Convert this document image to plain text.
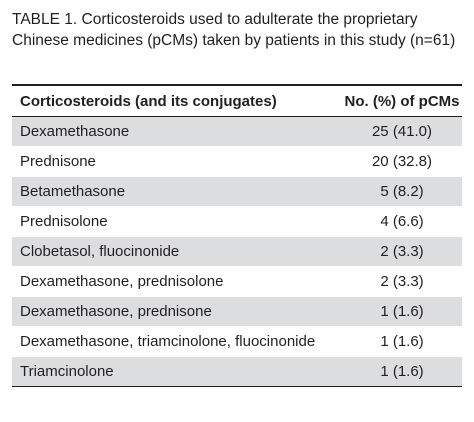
TABLE 1. Corticosteroids used to adulterate the proprietary Chinese medicines (pCMs) taken by patients in this study (n=61)
Corticosteroids (and its conjugates)	No. (%) of pCMs
Dexamethasone	25 (41.0)
Prednisone	20 (32.8)
Betamethasone	5 (8.2)
Prednisolone	4 (6.6)
Clobetasol, fluocinonide	2 (3.3)
Dexamethasone, prednisolone	2 (3.3)
Dexamethasone, prednisone	1 (1.6)
Dexamethasone, triamcinolone, fluocinonide	1 (1.6)
Triamcinolone	1 (1.6)
